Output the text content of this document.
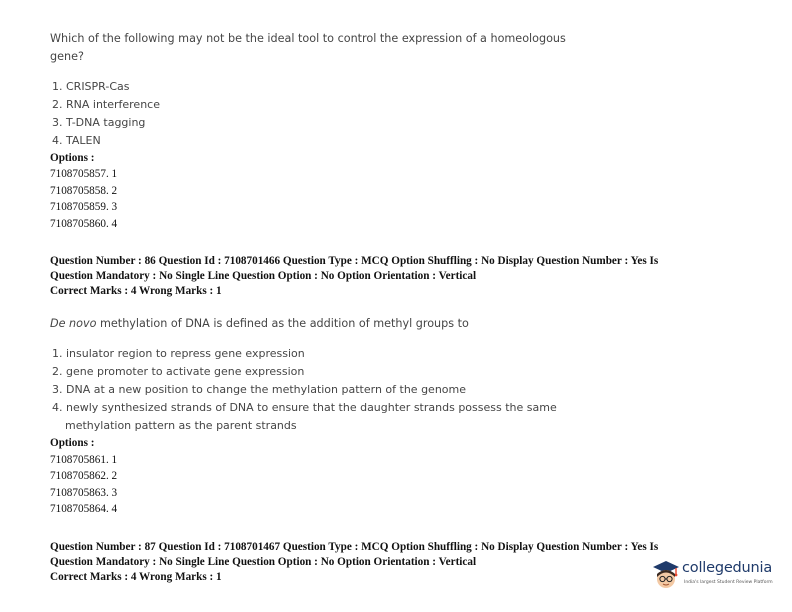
Which of the following may not be the ideal tool to control the expression of a homeologous
gene?
1. CRISPR-Cas
2. RNA interference
3. T-DNA tagging
4. TALEN
Options :
7108705857. 1
7108705858. 2
7108705859. 3
7108705860. 4
Question Number : 86 Question Id : 7108701466 Question Type : MCQ Option Shuffling : No Display Question Number : Yes Is
Question Mandatory : No Single Line Question Option : No Option Orientation : Vertical
Correct Marks : 4 Wrong Marks : 1
De novo methylation of DNA is defined as the addition of methyl groups to
1. insulator region to repress gene expression
2. gene promoter to activate gene expression
3. DNA at a new position to change the methylation pattern of the genome
4. newly synthesized strands of DNA to ensure that the daughter strands possess the same
methylation pattern as the parent strands
Options :
7108705861. 1
7108705862. 2
7108705863. 3
7108705864. 4
Question Number : 87 Question Id : 7108701467 Question Type : MCQ Option Shuffling : No Display Question Number : Yes Is
Question Mandatory : No Single Line Question Option : No Option Orientation : Vertical
Correct Marks : 4 Wrong Marks : 1
collegedunia
India's largest Student Review Platform
